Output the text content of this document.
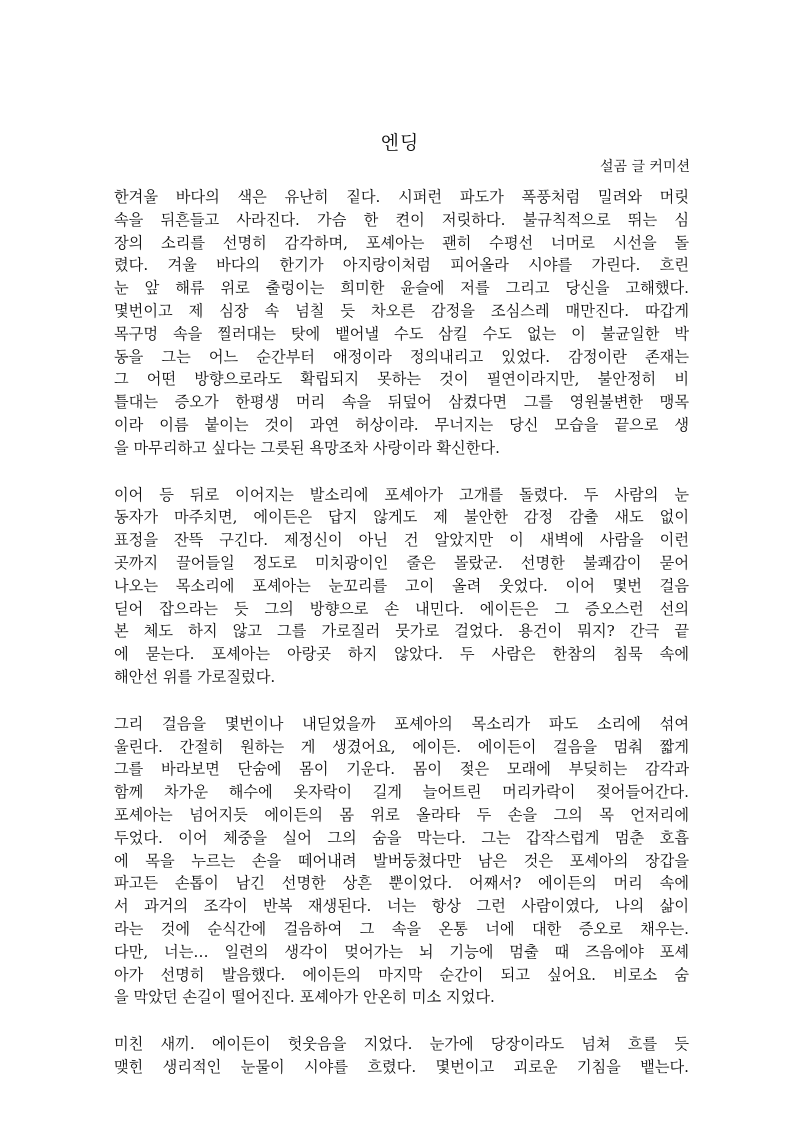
엔딩

설곰 글 커미션

한겨울 바다의 색은 유난히 짙다. 시퍼런 파도가 폭풍처럼 밀려와 머릿
속을 뒤흔들고 사라진다. 가슴 한 켠이 저릿하다. 불규칙적으로 뛰는 심
장의 소리를 선명히 감각하며, 포셰아는 괜히 수평선 너머로 시선을 돌
렸다. 겨울 바다의 한기가 아지랑이처럼 피어올라 시야를 가린다. 흐린
눈 앞 해류 위로 출렁이는 희미한 윤슬에 저를 그리고 당신을 고해했다.
몇번이고 제 심장 속 넘칠 듯 차오른 감정을 조심스레 매만진다. 따갑게
목구멍 속을 찔러대는 탓에 뱉어낼 수도 삼킬 수도 없는 이 불균일한 박
동을 그는 어느 순간부터 애정이라 정의내리고 있었다. 감정이란 존재는
그 어떤 방향으로라도 확립되지 못하는 것이 필연이라지만, 불안정히 비
틀대는 증오가 한평생 머리 속을 뒤덮어 삼켰다면 그를 영원불변한 맹목
이라 이름 붙이는 것이 과연 허상이랴. 무너지는 당신 모습을 끝으로 생
을 마무리하고 싶다는 그릇된 욕망조차 사랑이라 확신한다.
이어 등 뒤로 이어지는 발소리에 포셰아가 고개를 돌렸다. 두 사람의 눈
동자가 마주치면, 에이든은 답지 않게도 제 불안한 감정 감출 새도 없이
표정을 잔뜩 구긴다. 제정신이 아닌 건 알았지만 이 새벽에 사람을 이런
곳까지 끌어들일 정도로 미치광이인 줄은 몰랐군. 선명한 불쾌감이 묻어
나오는 목소리에 포셰아는 눈꼬리를 고이 올려 웃었다. 이어 몇번 걸음
딛어 잡으라는 듯 그의 방향으로 손 내민다. 에이든은 그 증오스런 선의
본 체도 하지 않고 그를 가로질러 뭇가로 걸었다. 용건이 뭐지? 간극 끝
에 묻는다. 포셰아는 아랑곳 하지 않았다. 두 사람은 한참의 침묵 속에
해안선 위를 가로질렀다.
그리 걸음을 몇번이나 내딛었을까 포셰아의 목소리가 파도 소리에 섞여
울린다. 간절히 원하는 게 생겼어요, 에이든. 에이든이 걸음을 멈춰 짧게
그를 바라보면 단숨에 몸이 기운다. 몸이 젖은 모래에 부딪히는 감각과
함께 차가운 해수에 옷자락이 길게 늘어트린 머리카락이 젖어들어간다.
포셰아는 넘어지듯 에이든의 몸 위로 올라타 두 손을 그의 목 언저리에
두었다. 이어 체중을 실어 그의 숨을 막는다. 그는 갑작스럽게 멈춘 호흡
에 목을 누르는 손을 떼어내려 발버둥쳤다만 남은 것은 포셰아의 장갑을
파고든 손톱이 남긴 선명한 상흔 뿐이었다. 어째서? 에이든의 머리 속에
서 과거의 조각이 반복 재생된다. 너는 항상 그런 사람이였다, 나의 삶이
라는 것에 순식간에 걸음하여 그 속을 온통 너에 대한 증오로 채우는.
다만, 너는… 일련의 생각이 멎어가는 뇌 기능에 멈출 때 즈음에야 포셰
아가 선명히 발음했다. 에이든의 마지막 순간이 되고 싶어요. 비로소 숨
을 막았던 손길이 떨어진다. 포셰아가 안온히 미소 지었다.
미친 새끼. 에이든이 헛웃음을 지었다. 눈가에 당장이라도 넘쳐 흐를 듯
맺힌 생리적인 눈물이 시야를 흐렸다. 몇번이고 괴로운 기침을 뱉는다.
